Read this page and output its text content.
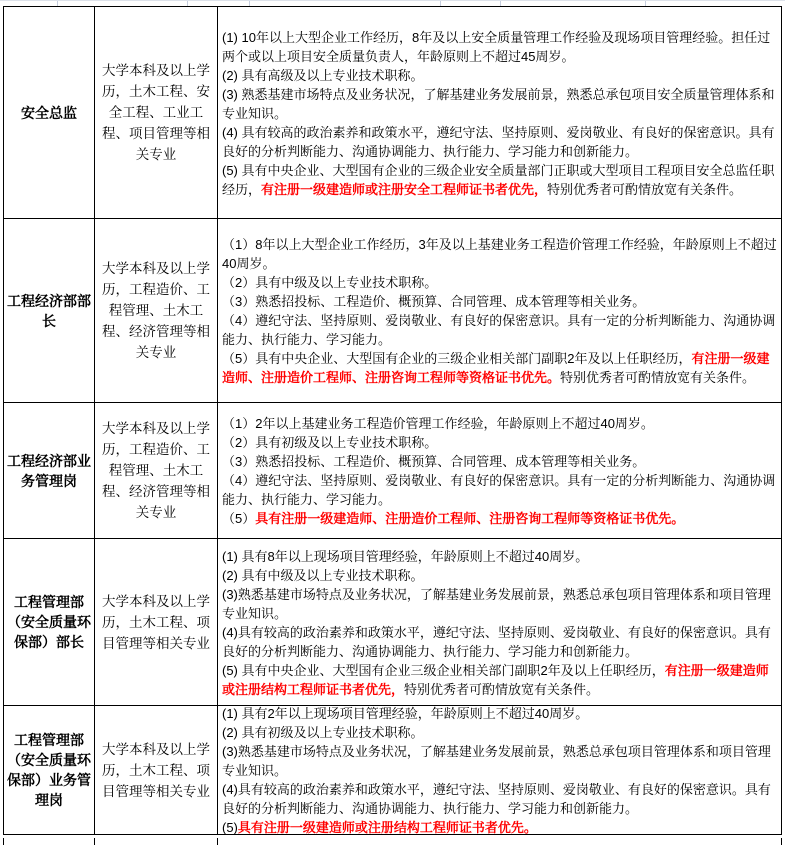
安全总监
大学本科及以上学历，土木工程、安全工程、工业工程、项目管理等相关专业
(1) 10年以上大型企业工作经历，8年及以上安全质量管理工作经验及现场项目管理经验。担任过两个或以上项目安全质量负责人，年龄原则上不超过45周岁。
(2) 具有高级及以上专业技术职称。
(3) 熟悉基建市场特点及业务状况，了解基建业务发展前景，熟悉总承包项目安全质量管理体系和专业知识。
(4) 具有较高的政治素养和政策水平，遵纪守法、坚持原则、爱岗敬业、有良好的保密意识。具有良好的分析判断能力、沟通协调能力、执行能力、学习能力和创新能力。
(5) 具有中央企业、大型国有企业的三级企业安全质量部门正职或大型项目工程项目安全总监任职经历，有注册一级建造师或注册安全工程师证书者优先，特别优秀者可酌情放宽有关条件。
工程经济部部长
大学本科及以上学历，工程造价、工程管理、土木工程、经济管理等相关专业
（1）8年以上大型企业工作经历，3年及以上基建业务工程造价管理工作经验，年龄原则上不超过40周岁。
（2）具有中级及以上专业技术职称。
（3）熟悉招投标、工程造价、概预算、合同管理、成本管理等相关业务。
（4）遵纪守法、坚持原则、爱岗敬业、有良好的保密意识。具有一定的分析判断能力、沟通协调能力、执行能力、学习能力。
（5）具有中央企业、大型国有企业的三级企业相关部门副职2年及以上任职经历，有注册一级建造师、注册造价工程师、注册咨询工程师等资格证书优先。特别优秀者可酌情放宽有关条件。
工程经济部业务管理岗
大学本科及以上学历，工程造价、工程管理、土木工程、经济管理等相关专业
（1）2年以上基建业务工程造价管理工作经验，年龄原则上不超过40周岁。
（2）具有初级及以上专业技术职称。
（3）熟悉招投标、工程造价、概预算、合同管理、成本管理等相关业务。
（4）遵纪守法、坚持原则、爱岗敬业、有良好的保密意识。具有一定的分析判断能力、沟通协调能力、执行能力、学习能力。
（5）具有注册一级建造师、注册造价工程师、注册咨询工程师等资格证书优先。
工程管理部（安全质量环保部）部长
大学本科及以上学历，土木工程、项目管理等相关专业
(1) 具有8年以上现场项目管理经验，年龄原则上不超过40周岁。
(2) 具有中级及以上专业技术职称。
(3)熟悉基建市场特点及业务状况，了解基建业务发展前景，熟悉总承包项目管理体系和项目管理专业知识。
(4)具有较高的政治素养和政策水平，遵纪守法、坚持原则、爱岗敬业、有良好的保密意识。具有良好的分析判断能力、沟通协调能力、执行能力、学习能力和创新能力。
(5) 具有中央企业、大型国有企业三级企业相关部门副职2年及以上任职经历，有注册一级建造师或注册结构工程师证书者优先，特别优秀者可酌情放宽有关条件。
工程管理部（安全质量环保部）业务管理岗
大学本科及以上学历，土木工程、项目管理等相关专业
(1) 具有2年以上现场项目管理经验，年龄原则上不超过40周岁。
(2) 具有初级及以上专业技术职称。
(3)熟悉基建市场特点及业务状况，了解基建业务发展前景，熟悉总承包项目管理体系和项目管理专业知识。
(4)具有较高的政治素养和政策水平，遵纪守法、坚持原则、爱岗敬业、有良好的保密意识。具有良好的分析判断能力、沟通协调能力、执行能力、学习能力和创新能力。
(5)具有注册一级建造师或注册结构工程师证书者优先。
